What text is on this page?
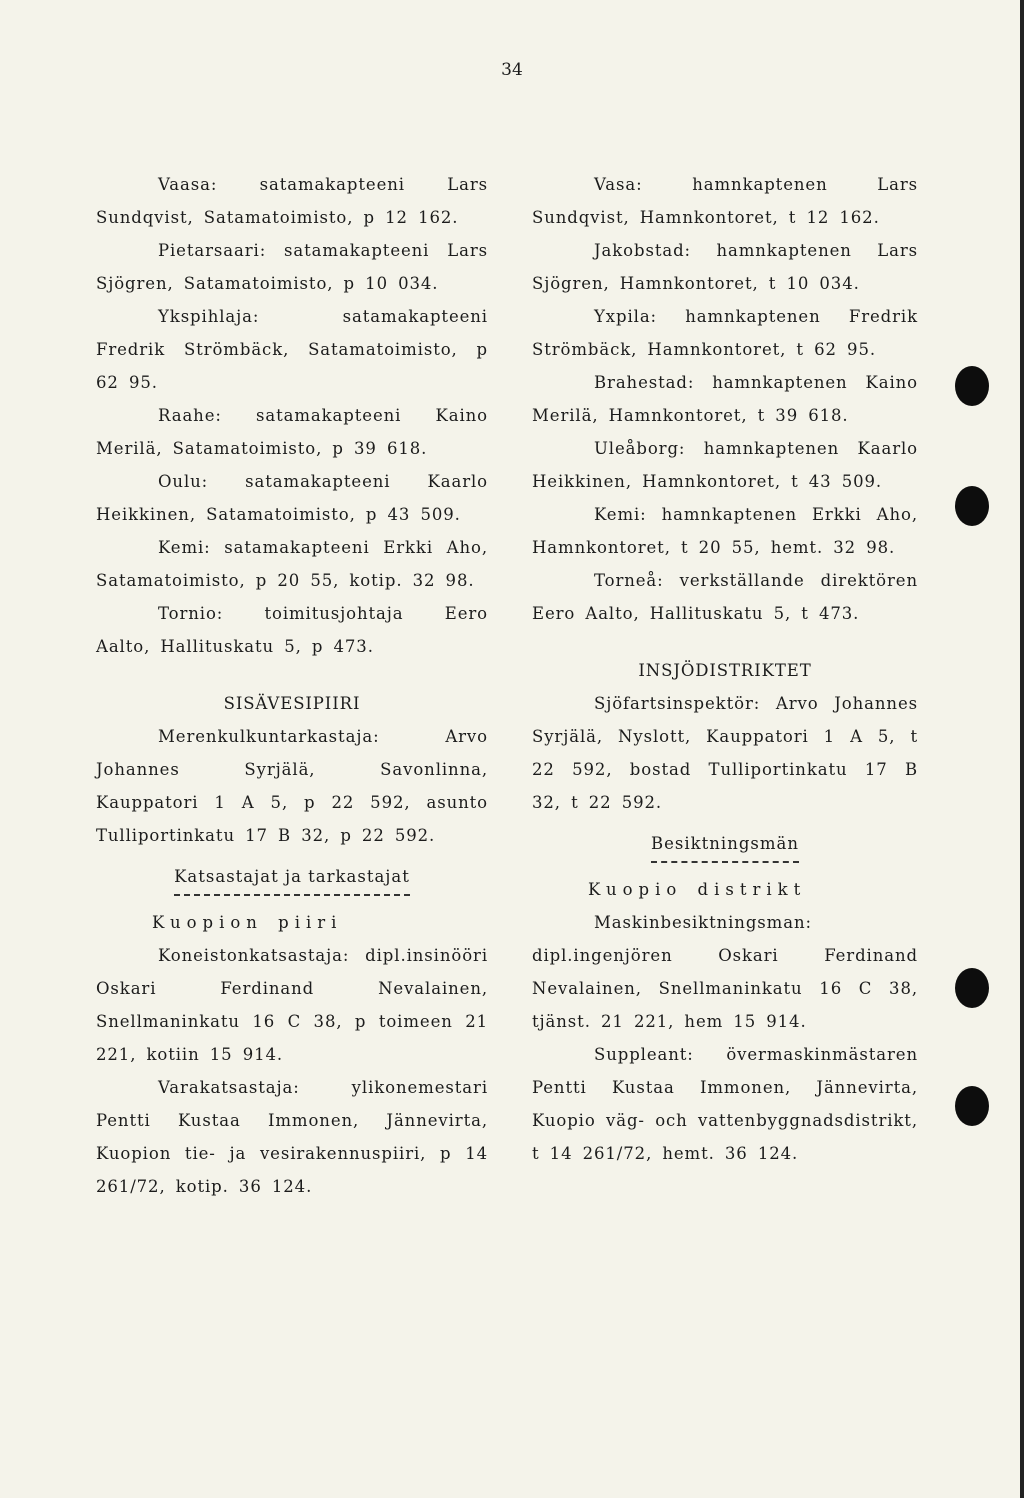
34

Vaasa: satamakapteeni Lars Sundqvist, Satamatoimisto, p 12 162.

Pietarsaari: satamakapteeni Lars Sjögren, Satamatoimisto, p 10 034.

Ykspihlaja: satamakapteeni Fredrik Strömbäck, Satamatoimisto, p 62 95.

Raahe: satamakapteeni Kaino Merilä, Satamatoimisto, p 39 618.

Oulu: satamakapteeni Kaarlo Heikkinen, Satamatoimisto, p 43 509.

Kemi: satamakapteeni Erkki Aho, Satamatoimisto, p 20 55, kotip. 32 98.

Tornio: toimitusjohtaja Eero Aalto, Hallituskatu 5, p 473.

SISÄVESIPIIRI

Merenkulkuntarkastaja: Arvo Johannes Syrjälä, Savonlinna, Kauppatori 1 A 5, p 22 592, asunto Tulliportinkatu 17 B 32, p 22 592.

Katsastajat ja tarkastajat

Kuopion piiri

Koneistonkatsastaja: dipl.insinööri Oskari Ferdinand Nevalainen, Snellmaninkatu 16 C 38, p toimeen 21 221, kotiin 15 914.

Varakatsastaja: ylikonemestari Pentti Kustaa Immonen, Jännevirta, Kuopion tie- ja vesirakennuspiiri, p 14 261/72, kotip. 36 124.

Vasa: hamnkaptenen Lars Sundqvist, Hamnkontoret, t 12 162.

Jakobstad: hamnkaptenen Lars Sjögren, Hamnkontoret, t 10 034.

Yxpila: hamnkaptenen Fredrik Strömbäck, Hamnkontoret, t 62 95.

Brahestad: hamnkaptenen Kaino Merilä, Hamnkontoret, t 39 618.

Uleåborg: hamnkaptenen Kaarlo Heikkinen, Hamnkontoret, t 43 509.

Kemi: hamnkaptenen Erkki Aho, Hamnkontoret, t 20 55, hemt. 32 98.

Torneå: verkställande direktören Eero Aalto, Hallituskatu 5, t 473.

INSJÖDISTRIKTET

Sjöfartsinspektör: Arvo Johannes Syrjälä, Nyslott, Kauppatori 1 A 5, t 22 592, bostad Tulliportinkatu 17 B 32, t 22 592.

Besiktningsmän

Kuopio distrikt

Maskinbesiktningsman: dipl.ingenjören Oskari Ferdinand Nevalainen, Snellmaninkatu 16 C 38, tjänst. 21 221, hem 15 914.

Suppleant: övermaskinmästaren Pentti Kustaa Immonen, Jännevirta, Kuopio väg- och vattenbyggnadsdistrikt, t 14 261/72, hemt. 36 124.
